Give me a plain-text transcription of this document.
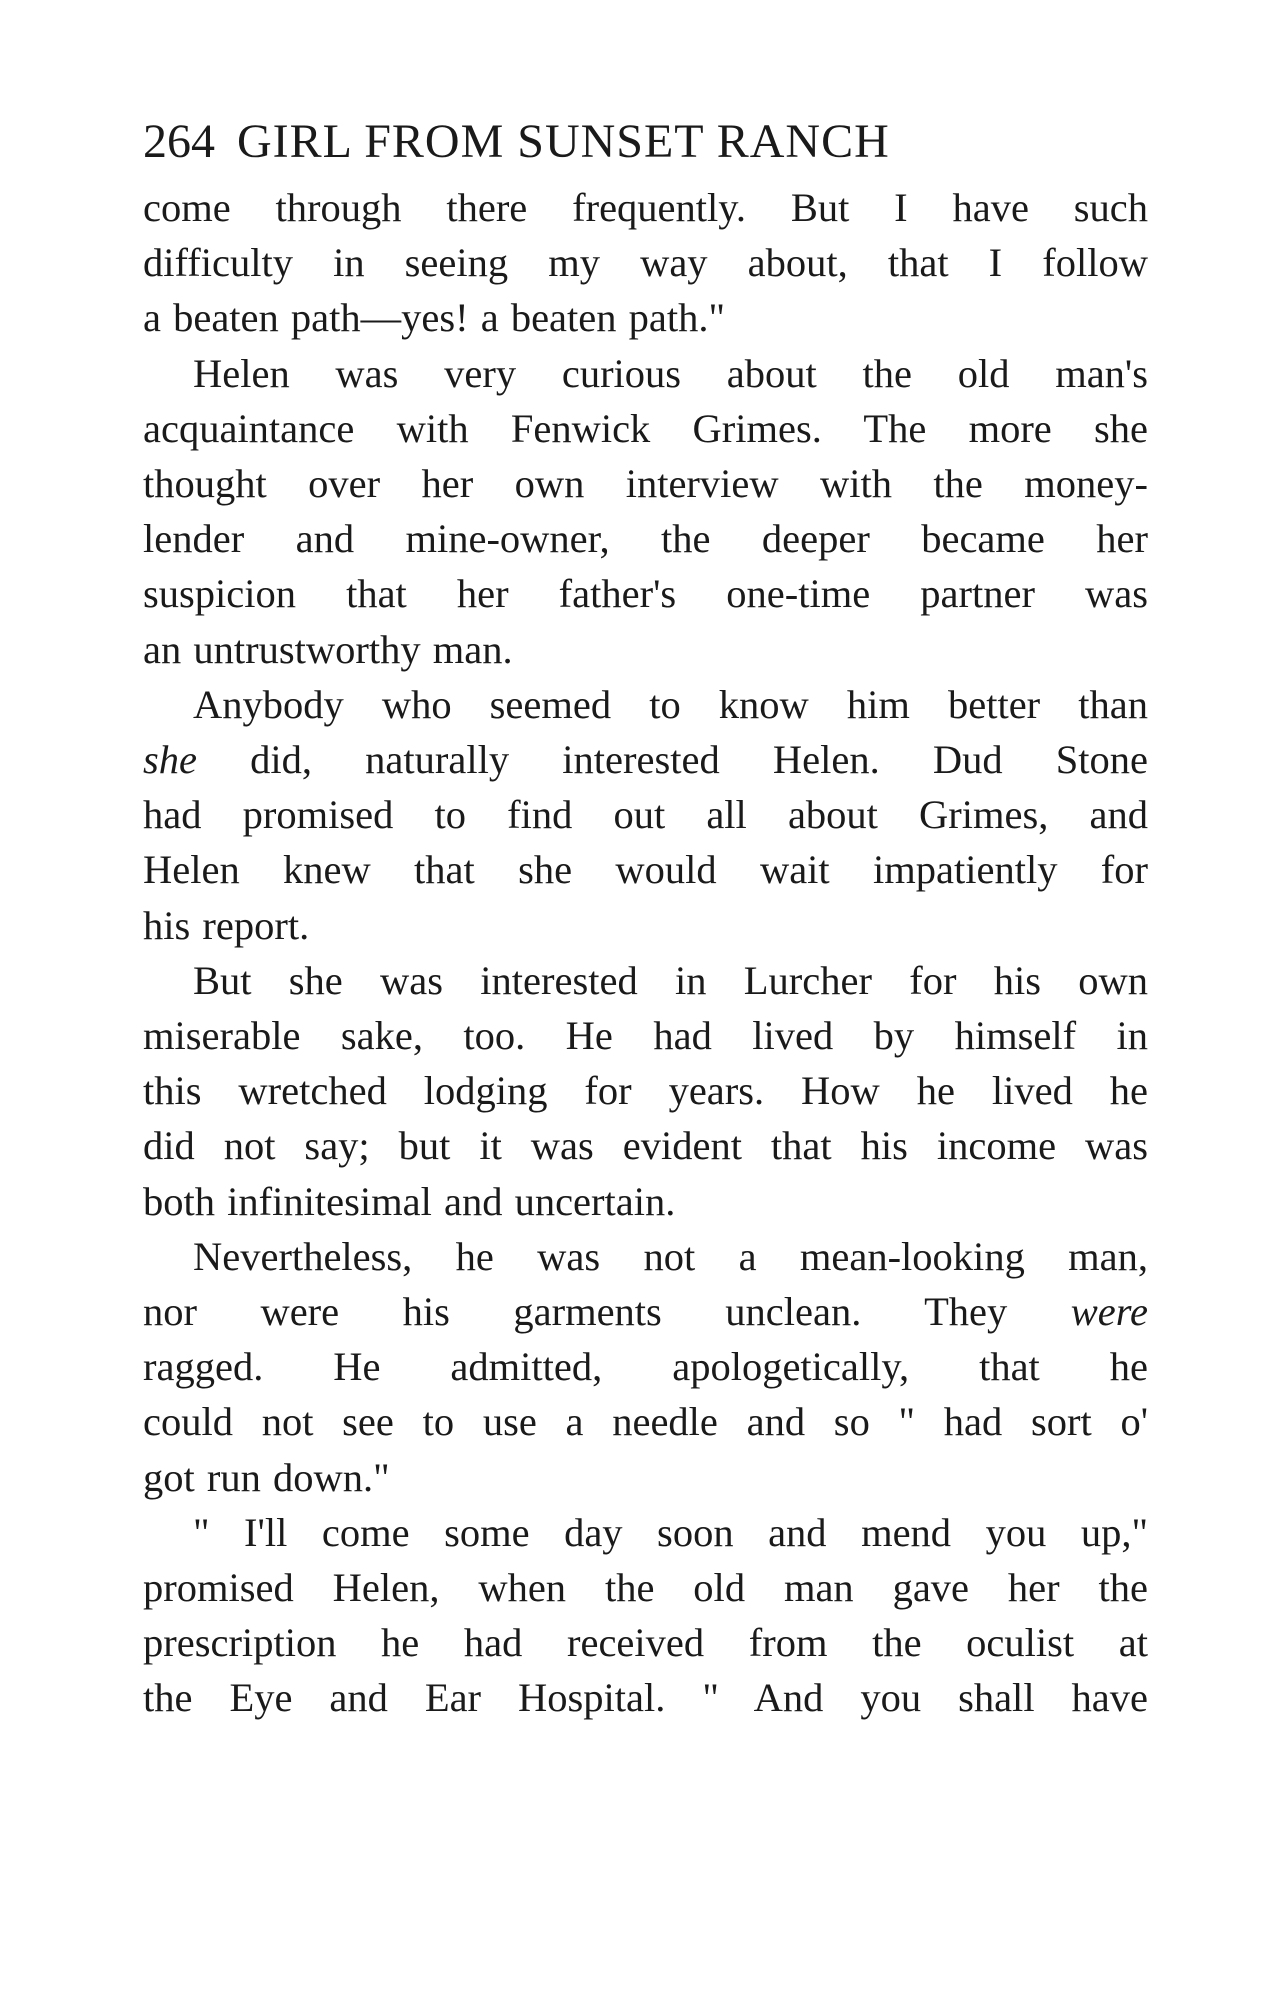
264 GIRL FROM SUNSET RANCH
come through there frequently. But I have such
difficulty in seeing my way about, that I follow
a beaten path—yes! a beaten path."
Helen was very curious about the old man's
acquaintance with Fenwick Grimes. The more she
thought over her own interview with the money-
lender and mine-owner, the deeper became her
suspicion that her father's one-time partner was
an untrustworthy man.
Anybody who seemed to know him better than
she did, naturally interested Helen. Dud Stone
had promised to find out all about Grimes, and
Helen knew that she would wait impatiently for
his report.
But she was interested in Lurcher for his own
miserable sake, too. He had lived by himself in
this wretched lodging for years. How he lived he
did not say; but it was evident that his income was
both infinitesimal and uncertain.
Nevertheless, he was not a mean-looking man,
nor were his garments unclean. They were
ragged. He admitted, apologetically, that he
could not see to use a needle and so " had sort o'
got run down."
" I'll come some day soon and mend you up,"
promised Helen, when the old man gave her the
prescription he had received from the oculist at
the Eye and Ear Hospital. " And you shall have
